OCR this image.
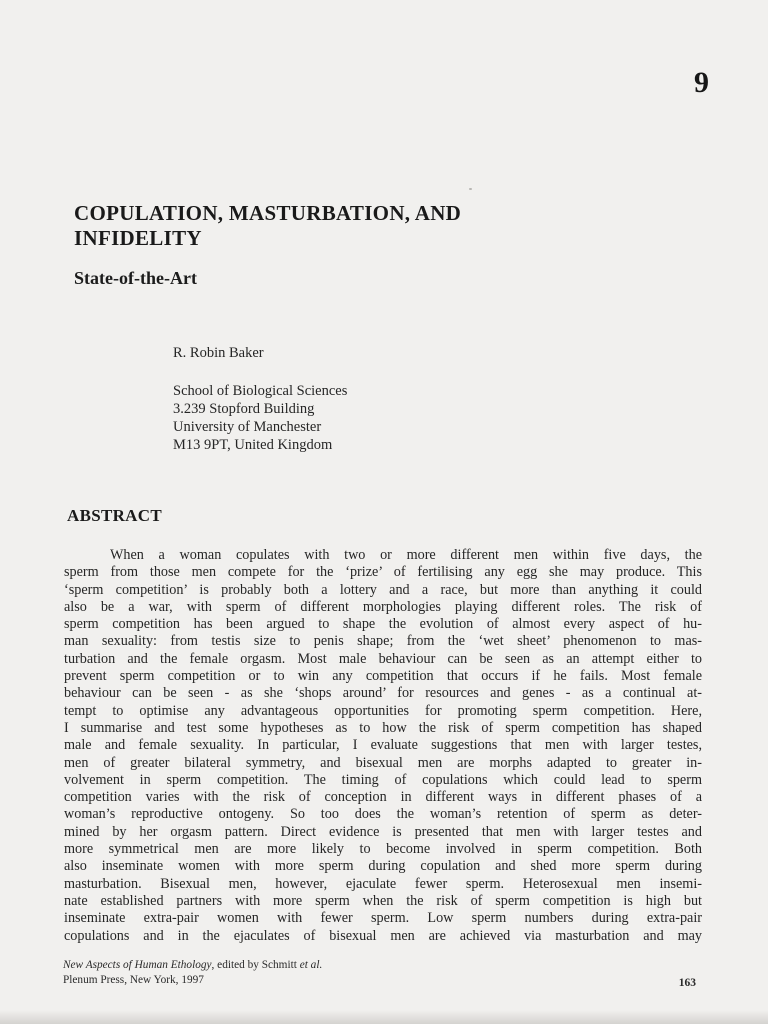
9
COPULATION, MASTURBATION, AND
INFIDELITY
State-of-the-Art
R. Robin Baker
School of Biological Sciences
3.239 Stopford Building
University of Manchester
M13 9PT, United Kingdom
ABSTRACT
When a woman copulates with two or more different men within five days, the
sperm from those men compete for the ‘prize’ of fertilising any egg she may produce. This
‘sperm competition’ is probably both a lottery and a race, but more than anything it could
also be a war, with sperm of different morphologies playing different roles. The risk of
sperm competition has been argued to shape the evolution of almost every aspect of hu-
man sexuality: from testis size to penis shape; from the ‘wet sheet’ phenomenon to mas-
turbation and the female orgasm. Most male behaviour can be seen as an attempt either to
prevent sperm competition or to win any competition that occurs if he fails. Most female
behaviour can be seen - as she ‘shops around’ for resources and genes - as a continual at-
tempt to optimise any advantageous opportunities for promoting sperm competition. Here,
I summarise and test some hypotheses as to how the risk of sperm competition has shaped
male and female sexuality. In particular, I evaluate suggestions that men with larger testes,
men of greater bilateral symmetry, and bisexual men are morphs adapted to greater in-
volvement in sperm competition. The timing of copulations which could lead to sperm
competition varies with the risk of conception in different ways in different phases of a
woman’s reproductive ontogeny. So too does the woman’s retention of sperm as deter-
mined by her orgasm pattern. Direct evidence is presented that men with larger testes and
more symmetrical men are more likely to become involved in sperm competition. Both
also inseminate women with more sperm during copulation and shed more sperm during
masturbation. Bisexual men, however, ejaculate fewer sperm. Heterosexual men insemi-
nate established partners with more sperm when the risk of sperm competition is high but
inseminate extra-pair women with fewer sperm. Low sperm numbers during extra-pair
copulations and in the ejaculates of bisexual men are achieved via masturbation and may
New Aspects of Human Ethology, edited by Schmitt et al.
Plenum Press, New York, 1997	163
